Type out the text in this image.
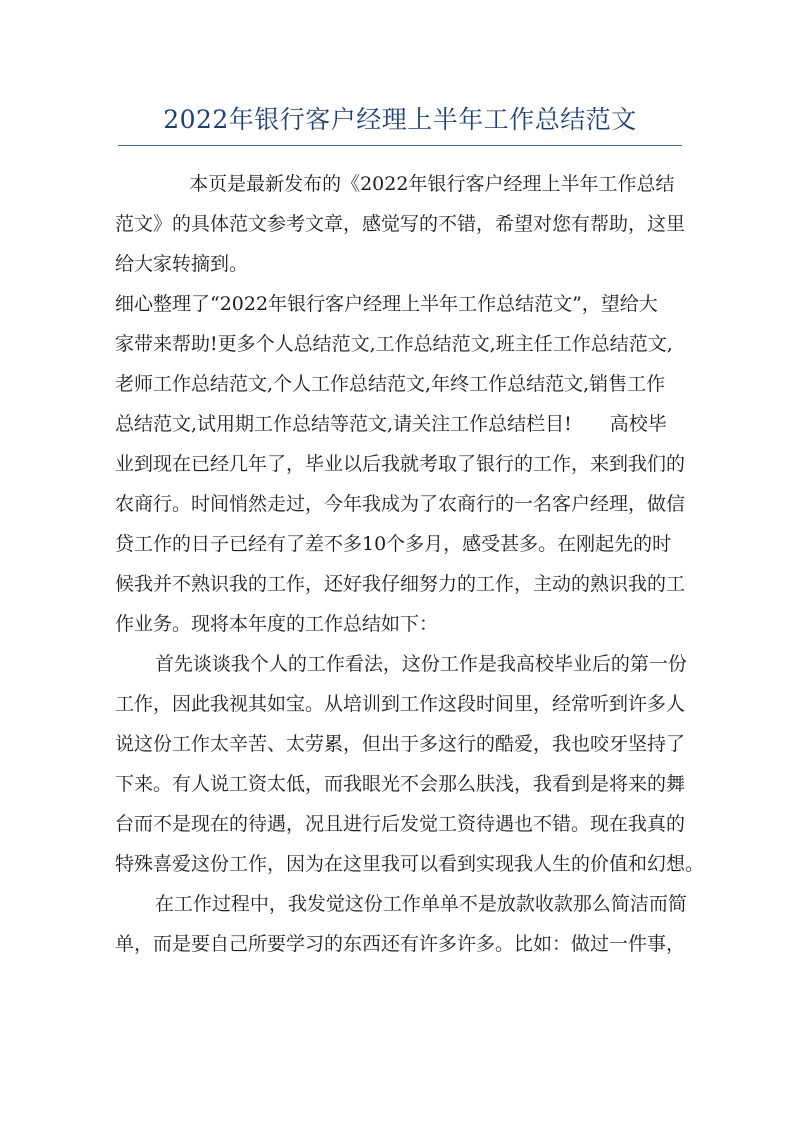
2022年银行客户经理上半年工作总结范文

本页是最新发布的《2022年银行客户经理上半年工作总结
范文》的具体范文参考文章，感觉写的不错，希望对您有帮助，这里
给大家转摘到。

细心整理了“2022年银行客户经理上半年工作总结范文”，望给大
家带来帮助!更多个人总结范文,工作总结范文,班主任工作总结范文,
老师工作总结范文,个人工作总结范文,年终工作总结范文,销售工作
总结范文,试用期工作总结等范文,请关注工作总结栏目!　　高校毕
业到现在已经几年了，毕业以后我就考取了银行的工作，来到我们的
农商行。时间悄然走过，今年我成为了农商行的一名客户经理，做信
贷工作的日子已经有了差不多10个多月，感受甚多。在刚起先的时
候我并不熟识我的工作，还好我仔细努力的工作，主动的熟识我的工
作业务。现将本年度的工作总结如下：

首先谈谈我个人的工作看法，这份工作是我高校毕业后的第一份
工作，因此我视其如宝。从培训到工作这段时间里，经常听到许多人
说这份工作太辛苦、太劳累，但出于多这行的酷爱，我也咬牙坚持了
下来。有人说工资太低，而我眼光不会那么肤浅，我看到是将来的舞
台而不是现在的待遇，况且进行后发觉工资待遇也不错。现在我真的
特殊喜爱这份工作，因为在这里我可以看到实现我人生的价值和幻想。

在工作过程中，我发觉这份工作单单不是放款收款那么简洁而简
单，而是要自己所要学习的东西还有许多许多。比如：做过一件事，
